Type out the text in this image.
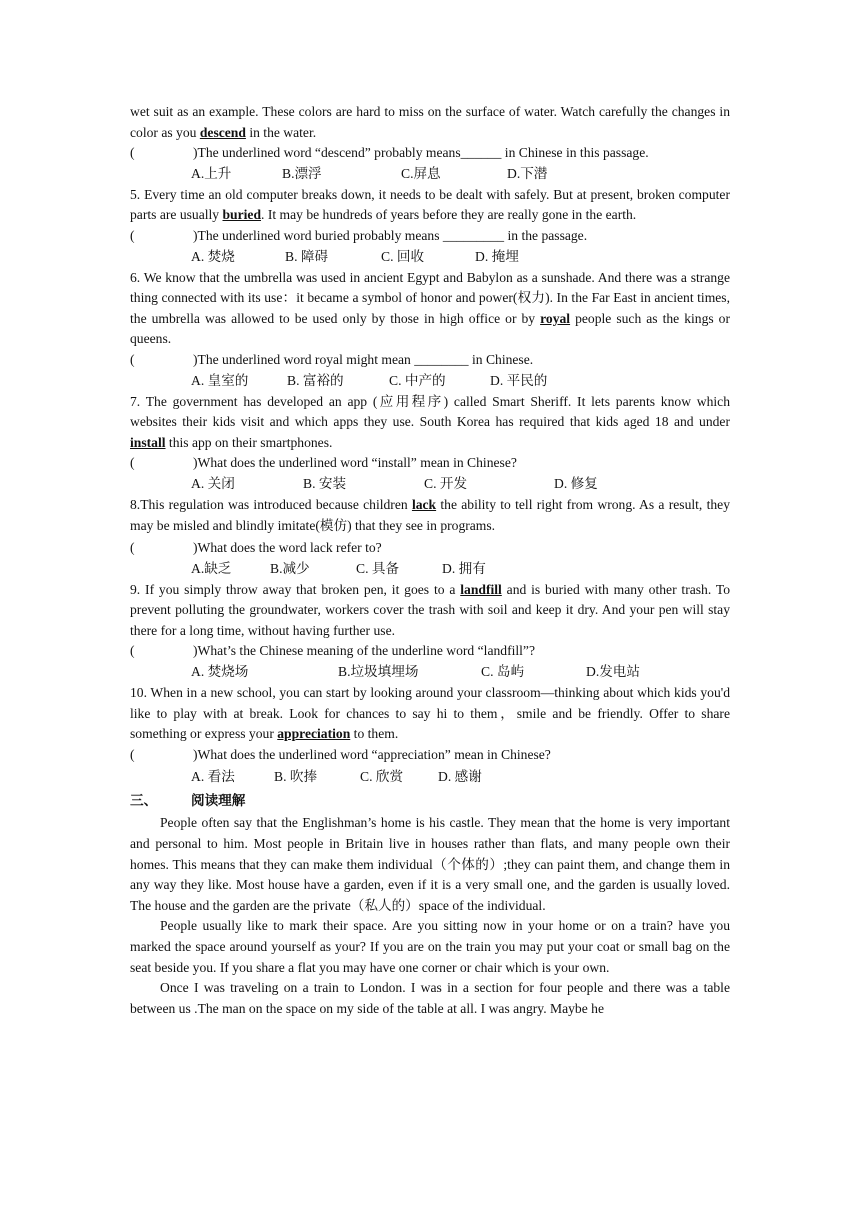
wet suit as an example. These colors are hard to miss on the surface of water. Watch carefully the changes in color as you descend in the water.

(	)The underlined word “descend” probably means______ in Chinese in this passage.
A.上升	B.漂浮	C.屏息	D.下潜

5. Every time an old computer breaks down, it needs to be dealt with safely. But at present, broken computer parts are usually buried. It may be hundreds of years before they are really gone in the earth.

(	)The underlined word buried probably means _________ in the passage.
A. 焚烧	B. 障碍	C. 回收	D. 掩埋

6. We know that the umbrella was used in ancient Egypt and Babylon as a sunshade. And there was a strange thing connected with its use：it became a symbol of honor and power(权力). In the Far East in ancient times, the umbrella was allowed to be used only by those in high office or by royal people such as the kings or queens.

(	)The underlined word royal might mean ________ in Chinese.
A. 皇室的	B. 富裕的	C. 中产的	D. 平民的

7. The government has developed an app (应用程序) called Smart Sheriff. It lets parents know which websites their kids visit and which apps they use. South Korea has required that kids aged 18 and under install this app on their smartphones.

(	)What does the underlined word “install” mean in Chinese?
A. 关闭	B. 安装	C. 开发	D. 修复

8.This regulation was introduced because children lack the ability to tell right from wrong. As a result, they may be misled and blindly imitate(模仿) that they see in programs.

(	)What does the word lack refer to?
A.缺乏	B.减少	C. 具备	D. 拥有

9. If you simply throw away that broken pen, it goes to a landfill and is buried with many other trash. To prevent polluting the groundwater, workers cover the trash with soil and keep it dry. And your pen will stay there for a long time, without having further use.

(	)What’s the Chinese meaning of the underline word “landfill”?
A. 焚烧场	B.垃圾填埋场	C. 岛屿	D.发电站

10. When in a new school, you can start by looking around your classroom—thinking about which kids you'd like to play with at break. Look for chances to say hi to them，smile and be friendly. Offer to share something or express your appreciation to them.

(	)What does the underlined word “appreciation” mean in Chinese?
A. 看法	B. 吹捧	C. 欣赏	D. 感谢
三、 阅读理解

People often say that the Englishman’s home is his castle. They mean that the home is very important and personal to him. Most people in Britain live in houses rather than flats, and many people own their homes. This means that they can make them individual（个体的）;they can paint them, and change them in any way they like. Most house have a garden, even if it is a very small one, and the garden is usually loved. The house and the garden are the private（私人的）space of the individual.

People usually like to mark their space. Are you sitting now in your home or on a train? have you marked the space around yourself as your? If you are on the train you may put your coat or small bag on the seat beside you. If you share a flat you may have one corner or chair which is your own.

Once I was traveling on a train to London. I was in a section for four people and there was a table between us .The man on the space on my side of the table at all. I was angry. Maybe he
